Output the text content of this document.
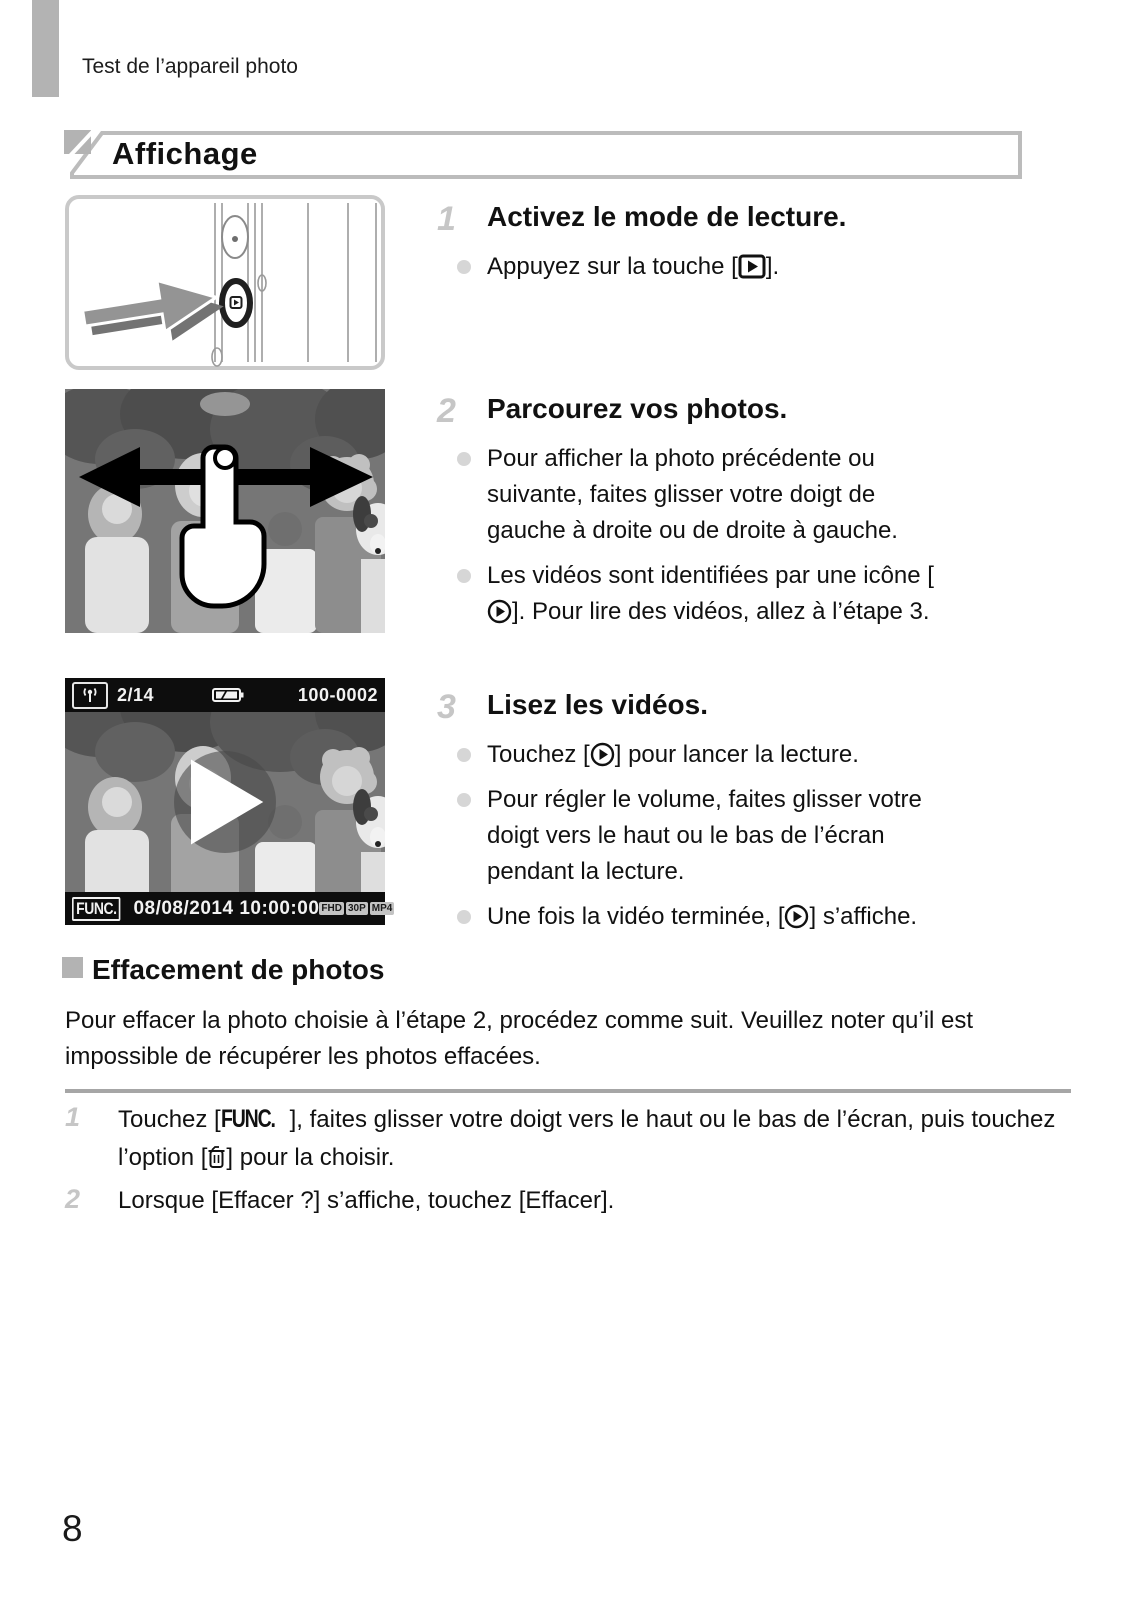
Test de l’appareil photo
Affichage
2/14	100-0002
FUNC. 08/08/2014 10:00:00 FHD 30P MP4
1	Activez le mode de lecture.
Appuyez sur la touche [ ].
2	Parcourez vos photos.
Pour afficher la photo précédente ou suivante, faites glisser votre doigt de gauche à droite ou de droite à gauche.
Les vidéos sont identifiées par une icône []. Pour lire des vidéos, allez à l’étape 3.
3	Lisez les vidéos.
Touchez [ ] pour lancer la lecture.
Pour régler le volume, faites glisser votre doigt vers le haut ou le bas de l’écran pendant la lecture.
Une fois la vidéo terminée, [ ] s’affiche.
Effacement de photos
Pour effacer la photo choisie à l’étape 2, procédez comme suit. Veuillez noter qu’il est impossible de récupérer les photos effacées.
1	Touchez [FUNC. ], faites glisser votre doigt vers le haut ou le bas de l’écran, puis touchez l’option [ ] pour la choisir.
2	Lorsque [Effacer ?] s’affiche, touchez [Effacer].
8
